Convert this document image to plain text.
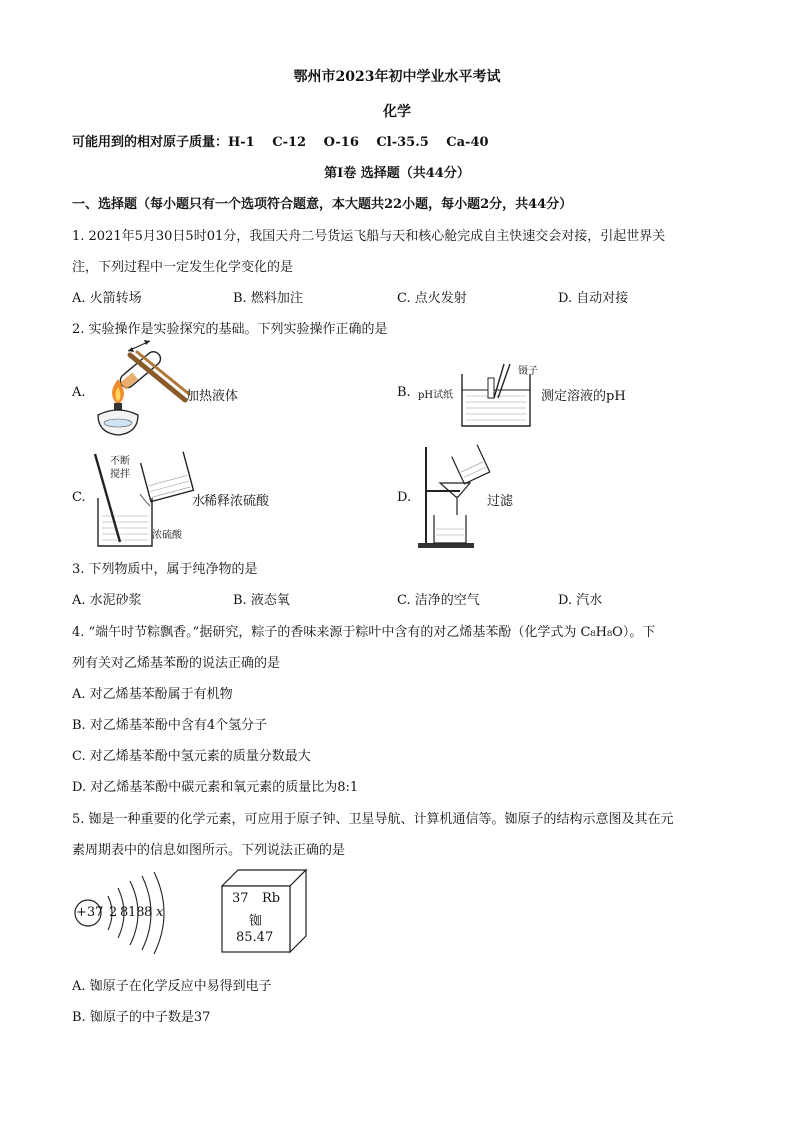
鄂州市2023年初中学业水平考试
化学
可能用到的相对原子质量：H-1　 C-12　 O-16　 Cl-35.5　 Ca-40
第Ⅰ卷 选择题（共44分）
一、选择题（每小题只有一个选项符合题意，本大题共22小题，每小题2分，共44分）
1. 2021年5月30日5时01分，我国天舟二号货运飞船与天和核心舱完成自主快速交会对接，引起世界关
注，下列过程中一定发生化学变化的是
A. 火箭转场	B. 燃料加注	C. 点火发射	D. 自动对接
2. 实验操作是实验探究的基础。下列实验操作正确的是
A.	加热液体	B. pH试纸
镊子
测定溶液的pH
C.
不断
搅拌
水
稀释浓硫酸
浓硫酸
D.	过滤
3. 下列物质中，属于纯净物的是
A. 水泥砂浆	B. 液态氧	C. 洁净的空气	D. 汽水
4. “端午时节粽飘香。”据研究，粽子的香味来源于粽叶中含有的对乙烯基苯酚（化学式为 C₈H₈O）。下
列有关对乙烯基苯酚的说法正确的是
A. 对乙烯基苯酚属于有机物
B. 对乙烯基苯酚中含有4个氢分子
C. 对乙烯基苯酚中氢元素的质量分数最大
D. 对乙烯基苯酚中碳元素和氧元素的质量比为8:1
5. 铷是一种重要的化学元素，可应用于原子钟、卫星导航、计算机通信等。铷原子的结构示意图及其在元
素周期表中的信息如图所示。下列说法正确的是
+37 2 8 18 8 x
37 Rb
铷
85.47
A. 铷原子在化学反应中易得到电子
B. 铷原子的中子数是37
